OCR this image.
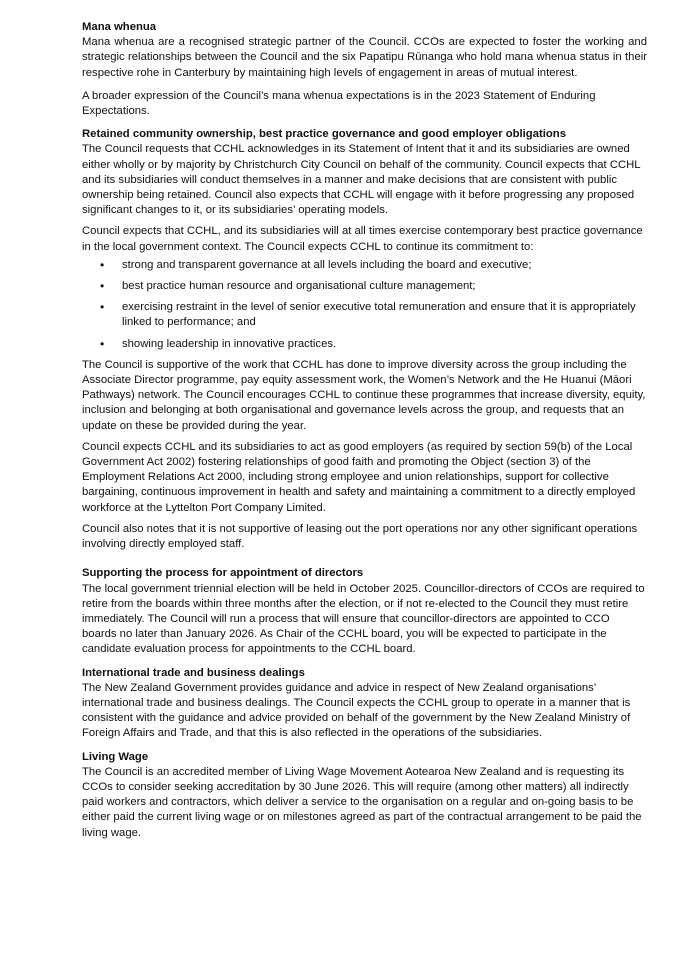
Mana whenua

Mana whenua are a recognised strategic partner of the Council. CCOs are expected to foster the working and strategic relationships between the Council and the six Papatipu Rūnanga who hold mana whenua status in their respective rohe in Canterbury by maintaining high levels of engagement in areas of mutual interest.

A broader expression of the Council’s mana whenua expectations is in the 2023 Statement of Enduring Expectations.

Retained community ownership, best practice governance and good employer obligations

The Council requests that CCHL acknowledges in its Statement of Intent that it and its subsidiaries are owned either wholly or by majority by Christchurch City Council on behalf of the community. Council expects that CCHL and its subsidiaries will conduct themselves in a manner and make decisions that are consistent with public ownership being retained. Council also expects that CCHL will engage with it before progressing any proposed significant changes to it, or its subsidiaries’ operating models.

Council expects that CCHL, and its subsidiaries will at all times exercise contemporary best practice governance in the local government context. The Council expects CCHL to continue its commitment to:

• strong and transparent governance at all levels including the board and executive;
• best practice human resource and organisational culture management;
• exercising restraint in the level of senior executive total remuneration and ensure that it is appropriately linked to performance; and
• showing leadership in innovative practices.

The Council is supportive of the work that CCHL has done to improve diversity across the group including the Associate Director programme, pay equity assessment work, the Women’s Network and the He Huanui (Māori Pathways) network. The Council encourages CCHL to continue these programmes that increase diversity, equity, inclusion and belonging at both organisational and governance levels across the group, and requests that an update on these be provided during the year.

Council expects CCHL and its subsidiaries to act as good employers (as required by section 59(b) of the Local Government Act 2002) fostering relationships of good faith and promoting the Object (section 3) of the Employment Relations Act 2000, including strong employee and union relationships, support for collective bargaining, continuous improvement in health and safety and maintaining a commitment to a directly employed workforce at the Lyttelton Port Company Limited.

Council also notes that it is not supportive of leasing out the port operations nor any other significant operations involving directly employed staff.

Supporting the process for appointment of directors

The local government triennial election will be held in October 2025. Councillor-directors of CCOs are required to retire from the boards within three months after the election, or if not re-elected to the Council they must retire immediately. The Council will run a process that will ensure that councillor-directors are appointed to CCO boards no later than January 2026. As Chair of the CCHL board, you will be expected to participate in the candidate evaluation process for appointments to the CCHL board.

International trade and business dealings

The New Zealand Government provides guidance and advice in respect of New Zealand organisations’ international trade and business dealings. The Council expects the CCHL group to operate in a manner that is consistent with the guidance and advice provided on behalf of the government by the New Zealand Ministry of Foreign Affairs and Trade, and that this is also reflected in the operations of the subsidiaries.

Living Wage

The Council is an accredited member of Living Wage Movement Aotearoa New Zealand and is requesting its CCOs to consider seeking accreditation by 30 June 2026. This will require (among other matters) all indirectly paid workers and contractors, which deliver a service to the organisation on a regular and on-going basis to be either paid the current living wage or on milestones agreed as part of the contractual arrangement to be paid the living wage.
